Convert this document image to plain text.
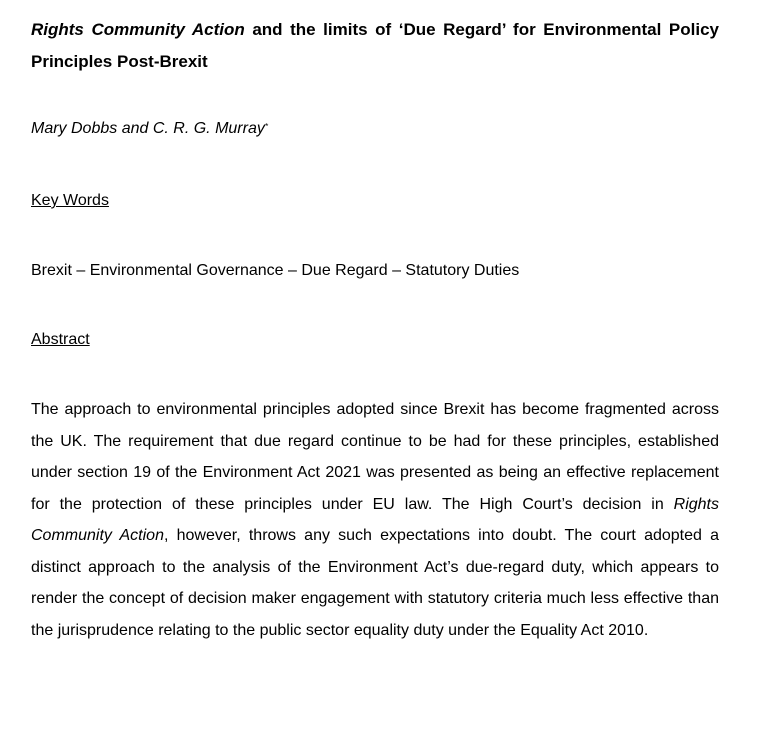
Rights Community Action and the limits of ‘Due Regard’ for Environmental Policy Principles Post-Brexit
Mary Dobbs and C. R. G. Murray*
Key Words
Brexit – Environmental Governance – Due Regard – Statutory Duties
Abstract
The approach to environmental principles adopted since Brexit has become fragmented across the UK. The requirement that due regard continue to be had for these principles, established under section 19 of the Environment Act 2021 was presented as being an effective replacement for the protection of these principles under EU law. The High Court’s decision in Rights Community Action, however, throws any such expectations into doubt. The court adopted a distinct approach to the analysis of the Environment Act’s due-regard duty, which appears to render the concept of decision maker engagement with statutory criteria much less effective than the jurisprudence relating to the public sector equality duty under the Equality Act 2010.
